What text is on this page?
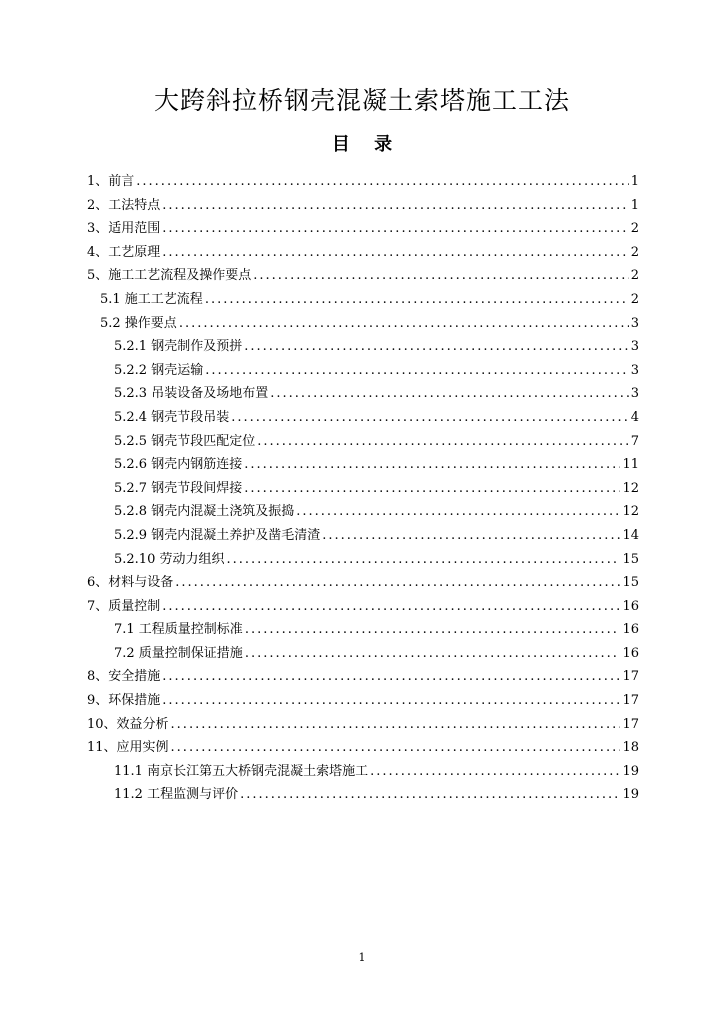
大跨斜拉桥钢壳混凝土索塔施工工法
目 录
1、前言 .....	1
2、工法特点 .....	1
3、适用范围 .....	2
4、工艺原理 .....	2
5、施工工艺流程及操作要点 .....	2
5.1 施工工艺流程 .....	2
5.2 操作要点 .....	3
5.2.1 钢壳制作及预拼 .....	3
5.2.2 钢壳运输 .....	3
5.2.3 吊装设备及场地布置 .....	3
5.2.4 钢壳节段吊装 .....	4
5.2.5 钢壳节段匹配定位 .....	7
5.2.6 钢壳内钢筋连接 .....	11
5.2.7 钢壳节段间焊接 .....	12
5.2.8 钢壳内混凝土浇筑及振捣 .....	12
5.2.9 钢壳内混凝土养护及凿毛清渣 .....	14
5.2.10 劳动力组织 .....	15
6、材料与设备 .....	15
7、质量控制 .....	16
7.1 工程质量控制标准 .....	16
7.2 质量控制保证措施 .....	16
8、安全措施 .....	17
9、环保措施 .....	17
10、效益分析 .....	17
11、应用实例 .....	18
11.1 南京长江第五大桥钢壳混凝土索塔施工 .....	19
11.2 工程监测与评价 .....	19
1
